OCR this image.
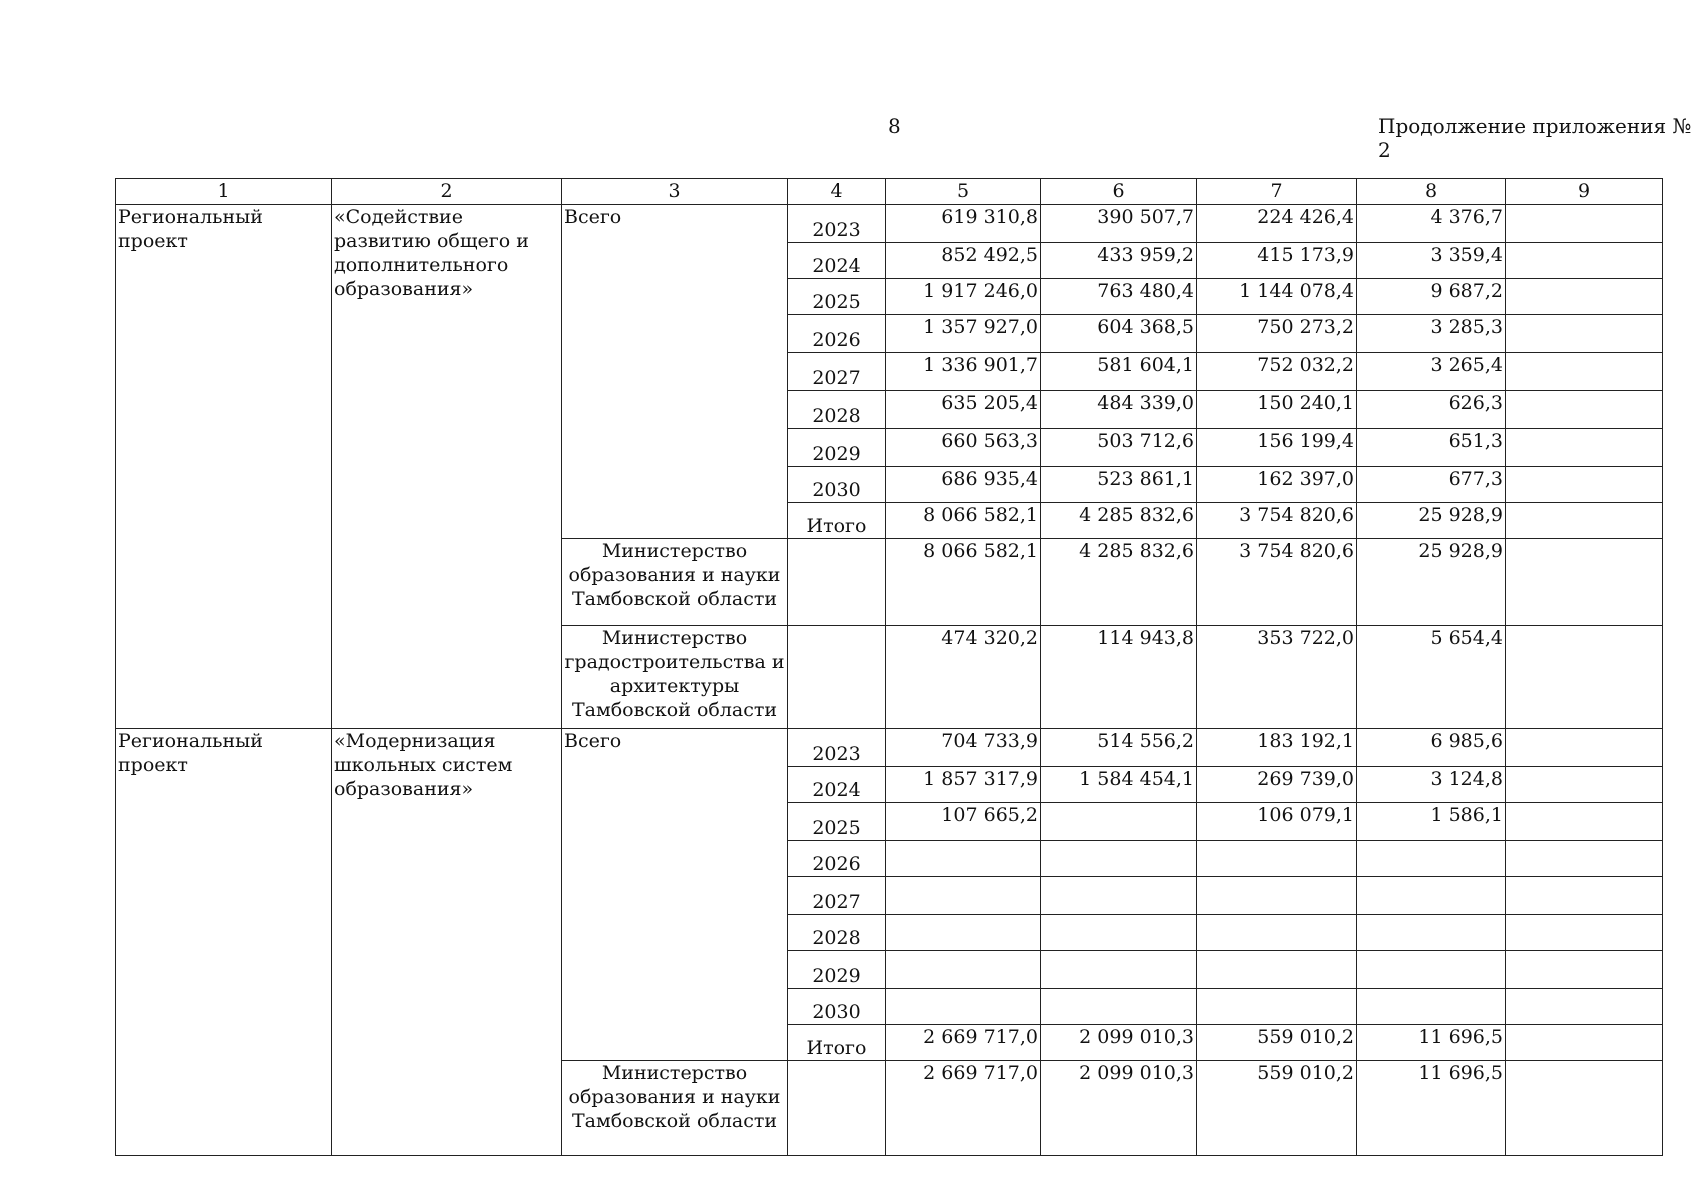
8	Продолжение приложения № 2
1	2	3	4	5	6	7	8	9
Региональный проект	«Содействие развитию общего и дополнительного образования»	Всего	2023	619 310,8	390 507,7	224 426,4	4 376,7	
			2024	852 492,5	433 959,2	415 173,9	3 359,4	
			2025	1 917 246,0	763 480,4	1 144 078,4	9 687,2	
			2026	1 357 927,0	604 368,5	750 273,2	3 285,3	
			2027	1 336 901,7	581 604,1	752 032,2	3 265,4	
			2028	635 205,4	484 339,0	150 240,1	626,3	
			2029	660 563,3	503 712,6	156 199,4	651,3	
			2030	686 935,4	523 861,1	162 397,0	677,3	
			Итого	8 066 582,1	4 285 832,6	3 754 820,6	25 928,9	
		Министерство образования и науки Тамбовской области		8 066 582,1	4 285 832,6	3 754 820,6	25 928,9	
		Министерство градостроительства и архитектуры Тамбовской области		474 320,2	114 943,8	353 722,0	5 654,4	
Региональный проект	«Модернизация школьных систем образования»	Всего	2023	704 733,9	514 556,2	183 192,1	6 985,6	
			2024	1 857 317,9	1 584 454,1	269 739,0	3 124,8	
			2025	107 665,2		106 079,1	1 586,1	
			2026					
			2027					
			2028					
			2029					
			2030					
			Итого	2 669 717,0	2 099 010,3	559 010,2	11 696,5	
		Министерство образования и науки Тамбовской области		2 669 717,0	2 099 010,3	559 010,2	11 696,5	
